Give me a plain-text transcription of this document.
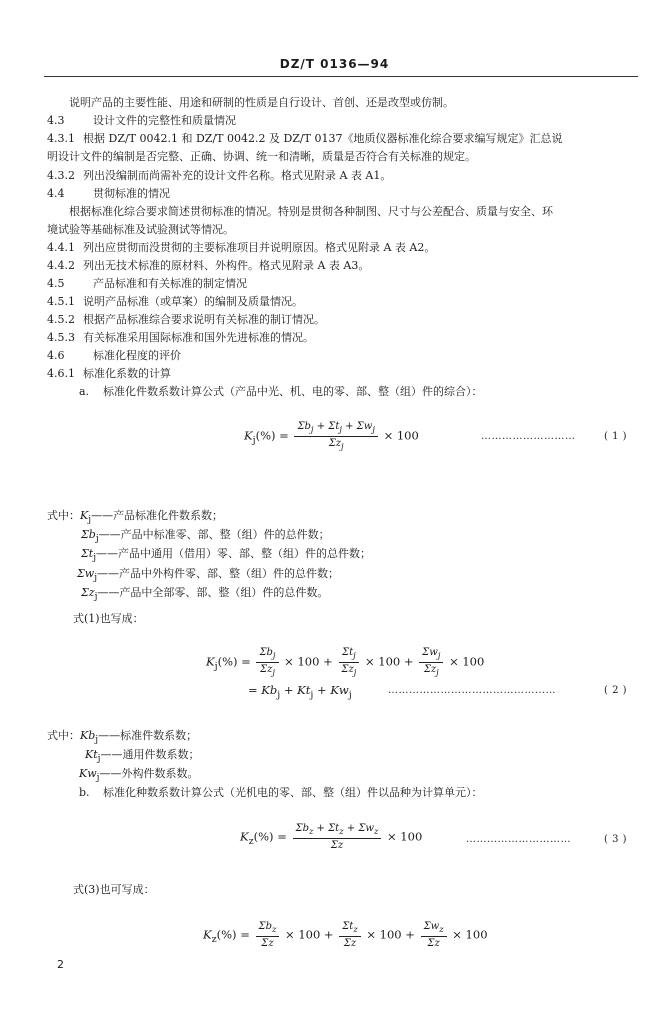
DZ/T 0136—94
说明产品的主要性能、用途和研制的性质是自行设计、首创、还是改型或仿制。
4.3	设计文件的完整性和质量情况
4.3.1 根据 DZ/T 0042.1 和 DZ/T 0042.2 及 DZ/T 0137《地质仪器标准化综合要求编写规定》汇总说
明设计文件的编制是否完整、正确、协调、统一和清晰，质量是否符合有关标准的规定。
4.3.2 列出没编制而尚需补充的设计文件名称。格式见附录 A 表 A1。
4.4	贯彻标准的情况
根据标准化综合要求简述贯彻标准的情况。特别是贯彻各种制图、尺寸与公差配合、质量与安全、环
境试验等基础标准及试验测试等情况。
4.4.1 列出应贯彻而没贯彻的主要标准项目并说明原因。格式见附录 A 表 A2。
4.4.2 列出无技术标准的原材料、外构件。格式见附录 A 表 A3。
4.5	产品标准和有关标准的制定情况
4.5.1 说明产品标准（或草案）的编制及质量情况。
4.5.2 根据产品标准综合要求说明有关标准的制订情况。
4.5.3 有关标准采用国际标准和国外先进标准的情况。
4.6	标准化程度的评价
4.6.1 标准化系数的计算
a. 标准化件数系数计算公式（产品中光、机、电的零、部、整（组）件的综合）：
$K_j(\%) = \frac{\Sigma b_j + \Sigma t_j + \Sigma w_j}{\Sigma z_j} \times 100$	………………………	( 1 )
式中：$K_j——$产品标准化件数系数；
$\Sigma b_j——$产品中标准零、部、整（组）件的总件数；
$\Sigma t_j——$产品中通用（借用）零、部、整（组）件的总件数；
$\Sigma w_j——$产品中外构件零、部、整（组）件的总件数；
$\Sigma z_j——$产品中全部零、部、整（组）件的总件数。
式(1)也写成：
$K_j(\%) = \frac{\Sigma b_j}{\Sigma z_j} \times 100 + \frac{\Sigma t_j}{\Sigma z_j} \times 100 + \frac{\Sigma w_j}{\Sigma z_j} \times 100$
= $Kb_j + Kt_j + Kw_j$	…………………………………………	( 2 )
式中：$Kb_j——$标准件数系数；
$Kt_j——$通用件数系数；
$Kw_j——$外构件数系数。
b. 标准化种数系数计算公式（光机电的零、部、整（组）件以品种为计算单元）：
$K_z(\%) = \frac{\Sigma b_z + \Sigma t_z + \Sigma w_z}{\Sigma z} \times 100$	…………………………	( 3 )
式(3)也可写成：
$K_z(\%) = \frac{\Sigma b_z}{\Sigma z} \times 100 + \frac{\Sigma t_z}{\Sigma z} \times 100 + \frac{\Sigma w_z}{\Sigma z} \times 100$
2
